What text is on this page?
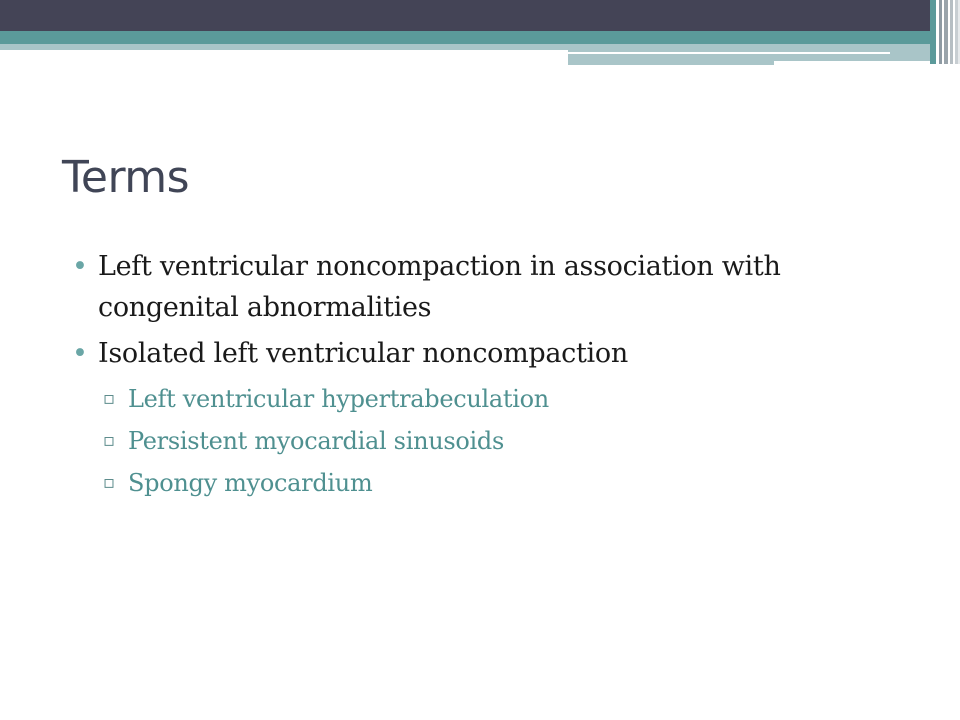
Terms
• Left ventricular noncompaction in association with congenital abnormalities
• Isolated left ventricular noncompaction
▫ Left ventricular hypertrabeculation
▫ Persistent myocardial sinusoids
▫ Spongy myocardium
